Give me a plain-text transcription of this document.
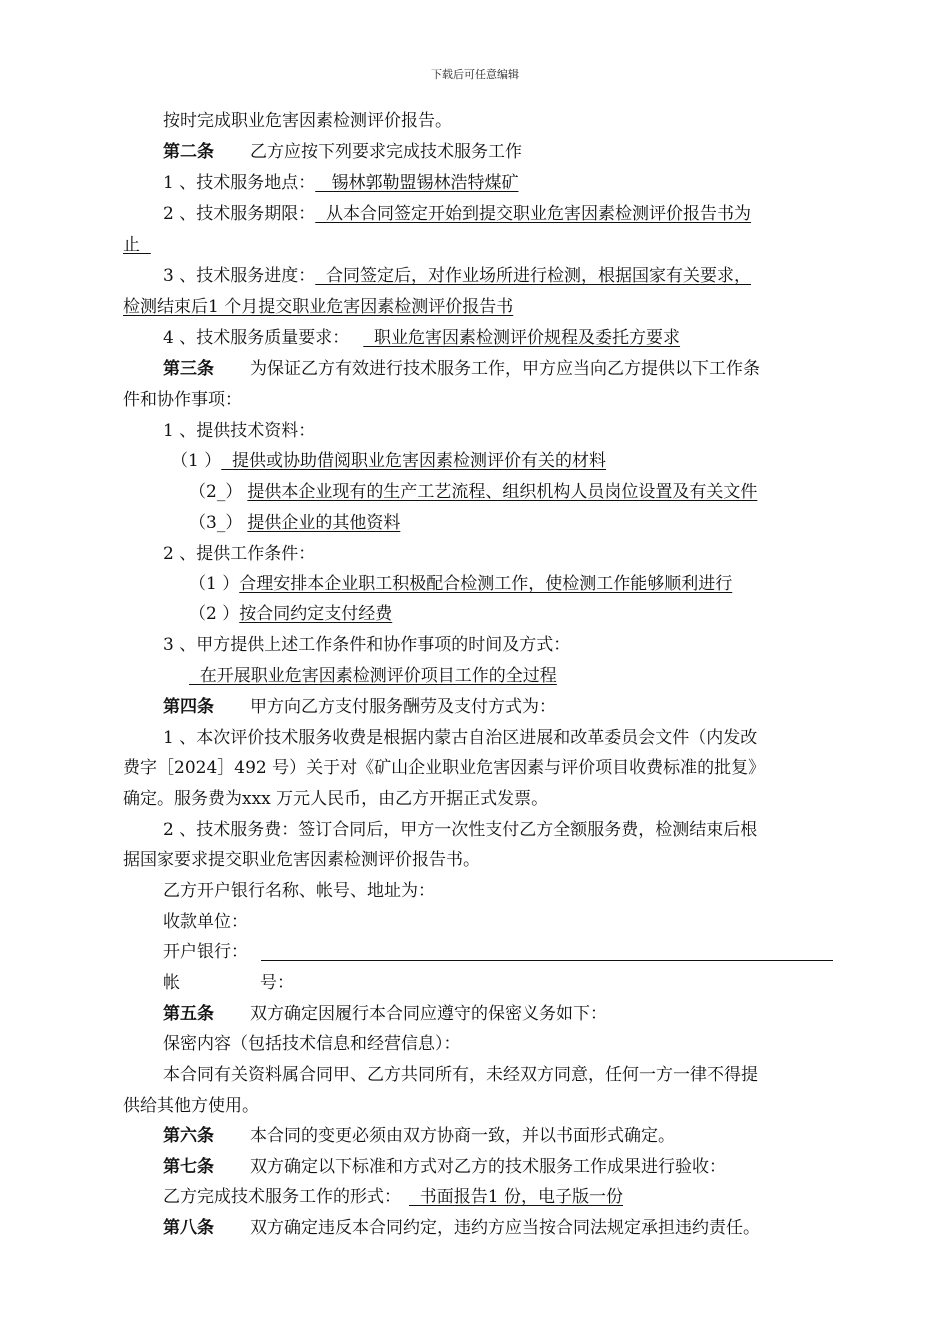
下载后可任意编辑
按时完成职业危害因素检测评价报告。
第二条 乙方应按下列要求完成技术服务工作
1 、技术服务地点：   锡林郭勒盟锡林浩特煤矿
2 、技术服务期限：  从本合同签定开始到提交职业危害因素检测评价报告书为
止
3 、技术服务进度：  合同签定后，对作业场所进行检测，根据国家有关要求，
检测结束后1 个月提交职业危害因素检测评价报告书
4 、技术服务质量要求：  职业危害因素检测评价规程及委托方要求
第三条 为保证乙方有效进行技术服务工作，甲方应当向乙方提供以下工作条
件和协作事项：
1 、提供技术资料：
（1 ）  提供或协助借阅职业危害因素检测评价有关的材料
（2_） 提供本企业现有的生产工艺流程、组织机构人员岗位设置及有关文件
（3_） 提供企业的其他资料
2 、提供工作条件：
（1 ）合理安排本企业职工积极配合检测工作，使检测工作能够顺利进行
（2 ）按合同约定支付经费
3 、甲方提供上述工作条件和协作事项的时间及方式：
在开展职业危害因素检测评价项目工作的全过程
第四条 甲方向乙方支付服务酬劳及支付方式为：
1 、本次评价技术服务收费是根据内蒙古自治区进展和改革委员会文件（内发改
费字［2024］492 号）关于对《矿山企业职业危害因素与评价项目收费标准的批复》
确定。服务费为xxx 万元人民币，由乙方开据正式发票。
2 、技术服务费：签订合同后，甲方一次性支付乙方全额服务费，检测结束后根
据国家要求提交职业危害因素检测评价报告书。
乙方开户银行名称、帐号、地址为：
收款单位：
开户银行：
帐	号：
第五条 双方确定因履行本合同应遵守的保密义务如下：
保密内容（包括技术信息和经营信息）：
本合同有关资料属合同甲、乙方共同所有，未经双方同意，任何一方一律不得提
供给其他方使用。
第六条 本合同的变更必须由双方协商一致，并以书面形式确定。
第七条 双方确定以下标准和方式对乙方的技术服务工作成果进行验收：
乙方完成技术服务工作的形式：  书面报告1 份，电子版一份
第八条 双方确定违反本合同约定，违约方应当按合同法规定承担违约责任。
